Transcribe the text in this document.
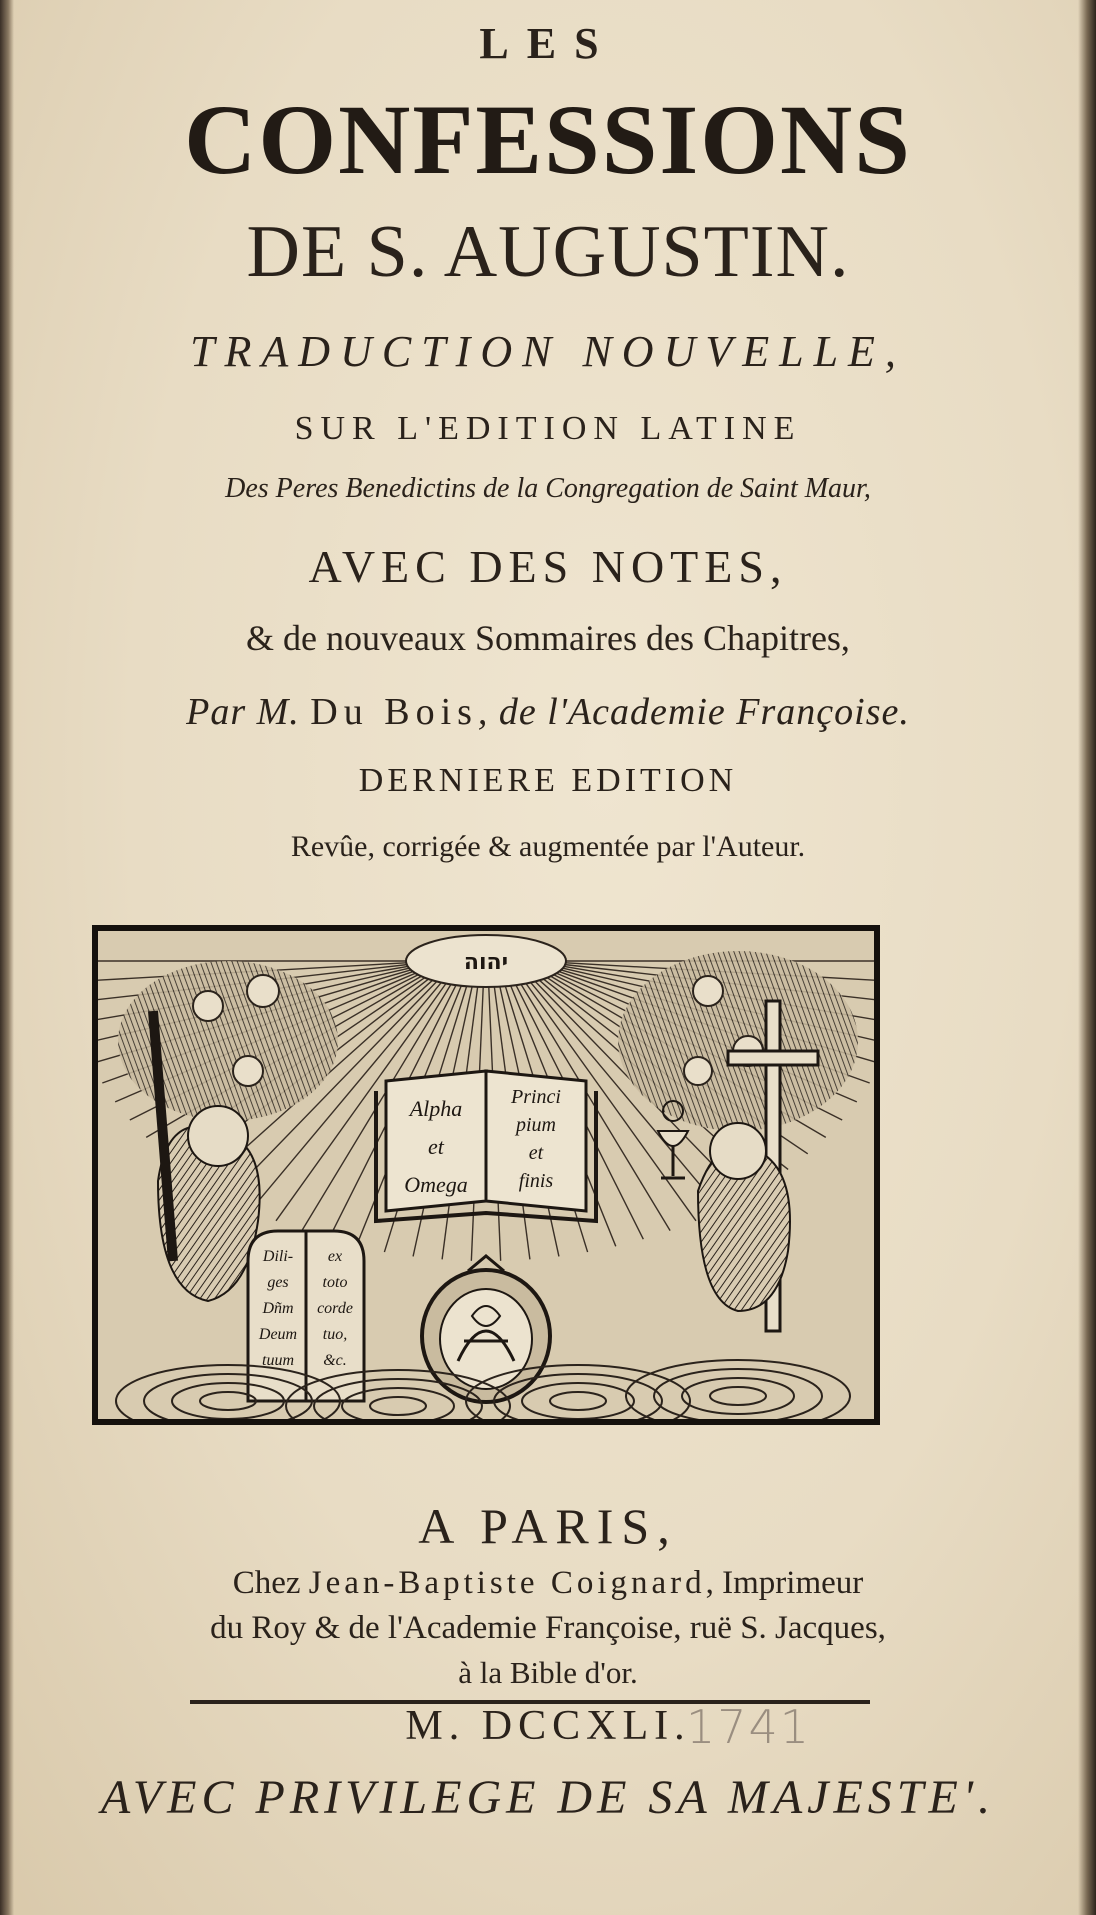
LES
CONFESSIONS
DE S. AUGUSTIN.
TRADUCTION NOUVELLE,
SUR L'EDITION LATINE
Des Peres Benedictins de la Congregation de Saint Maur,
AVEC DES NOTES,
& de nouveaux Sommaires des Chapitres,
Par M. Du Bois, de l'Academie Françoise.
DERNIERE EDITION
Revûe, corrigée & augmentée par l'Auteur.
יהוה
Alpha
et
Omega
Princi
pium
et
finis
Dili-
ges
Dñm
Deum
tuum
ex
toto
corde
tuo,
&c.
A PARIS,
Chez Jean-Baptiste Coignard, Imprimeur
du Roy & de l'Academie Françoise, ruë S. Jacques,
à la Bible d'or.
M. DCCXLI.
1741
AVEC PRIVILEGE DE SA MAJESTE'.
